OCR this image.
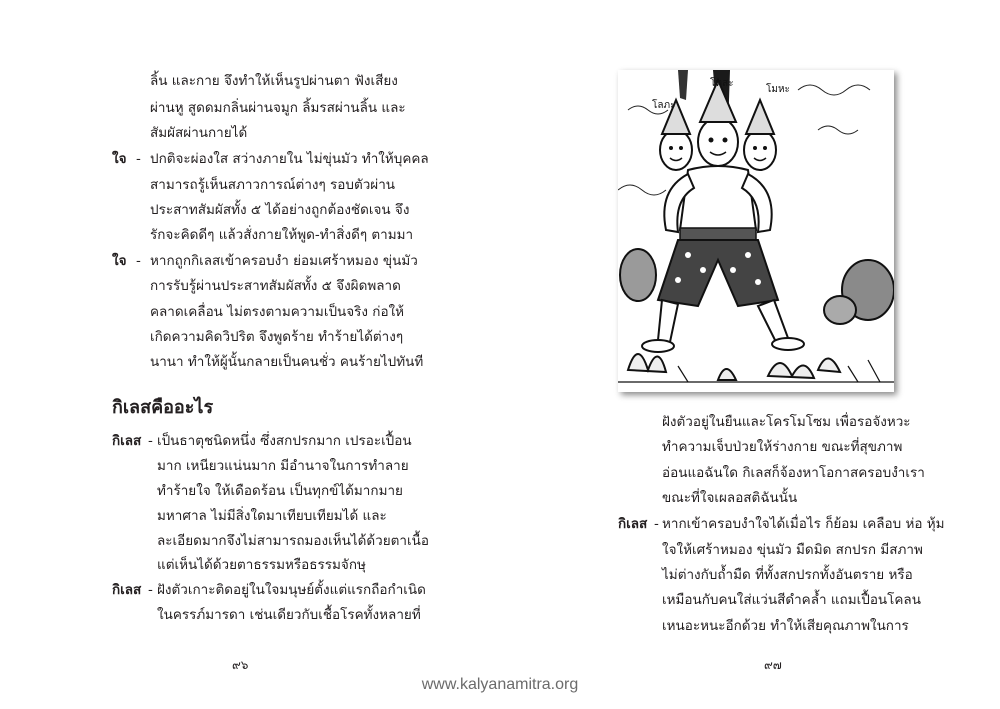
ลิ้น และกาย จึงทำให้เห็นรูปผ่านตา ฟังเสียง
ผ่านหู สูดดมกลิ่นผ่านจมูก ลิ้มรสผ่านลิ้น และ
สัมผัสผ่านกายได้
ใจ - ปกติจะผ่องใส สว่างภายใน ไม่ขุ่นมัว ทำให้บุคคล
สามารถรู้เห็นสภาวการณ์ต่างๆ รอบตัวผ่าน
ประสาทสัมผัสทั้ง ๕ ได้อย่างถูกต้องชัดเจน จึง
รักจะคิดดีๆ แล้วสั่งกายให้พูด-ทำสิ่งดีๆ ตามมา
ใจ - หากถูกกิเลสเข้าครอบงำ ย่อมเศร้าหมอง ขุ่นมัว
การรับรู้ผ่านประสาทสัมผัสทั้ง ๕ จึงผิดพลาด
คลาดเคลื่อน ไม่ตรงตามความเป็นจริง ก่อให้
เกิดความคิดวิปริต จึงพูดร้าย ทำร้ายได้ต่างๆ
นานา ทำให้ผู้นั้นกลายเป็นคนชั่ว คนร้ายไปทันที
กิเลสคืออะไร
กิเลส - เป็นธาตุชนิดหนึ่ง ซึ่งสกปรกมาก เปรอะเปื้อน
มาก เหนียวแน่นมาก มีอำนาจในการทำลาย
ทำร้ายใจ ให้เดือดร้อน เป็นทุกข์ได้มากมาย
มหาศาล ไม่มีสิ่งใดมาเทียบเทียมได้ และ
ละเอียดมากจึงไม่สามารถมองเห็นได้ด้วยตาเนื้อ
แต่เห็นได้ด้วยตาธรรมหรือธรรมจักษุ
กิเลส - ฝังตัวเกาะติดอยู่ในใจมนุษย์ตั้งแต่แรกถือกำเนิด
ในครรภ์มารดา เช่นเดียวกับเชื้อโรคทั้งหลายที่
๙๖
โลภะ
โทสะ
โมหะ
ฝังตัวอยู่ในยืนและโครโมโซม เพื่อรอจังหวะ
ทำความเจ็บป่วยให้ร่างกาย ขณะที่สุขภาพ
อ่อนแอฉันใด กิเลสก็จ้องหาโอกาสครอบงำเรา
ขณะที่ใจเผลอสติฉันนั้น
กิเลส - หากเข้าครอบงำใจได้เมื่อไร ก็ย้อม เคลือบ ห่อ หุ้ม
ใจให้เศร้าหมอง ขุ่นมัว มืดมิด สกปรก มีสภาพ
ไม่ต่างกับถ้ำมืด ที่ทั้งสกปรกทั้งอันตราย หรือ
เหมือนกับคนใส่แว่นสีดำคล้ำ แถมเปื้อนโคลน
เหนอะหนะอีกด้วย ทำให้เสียคุณภาพในการ
๙๗
www.kalyanamitra.org
